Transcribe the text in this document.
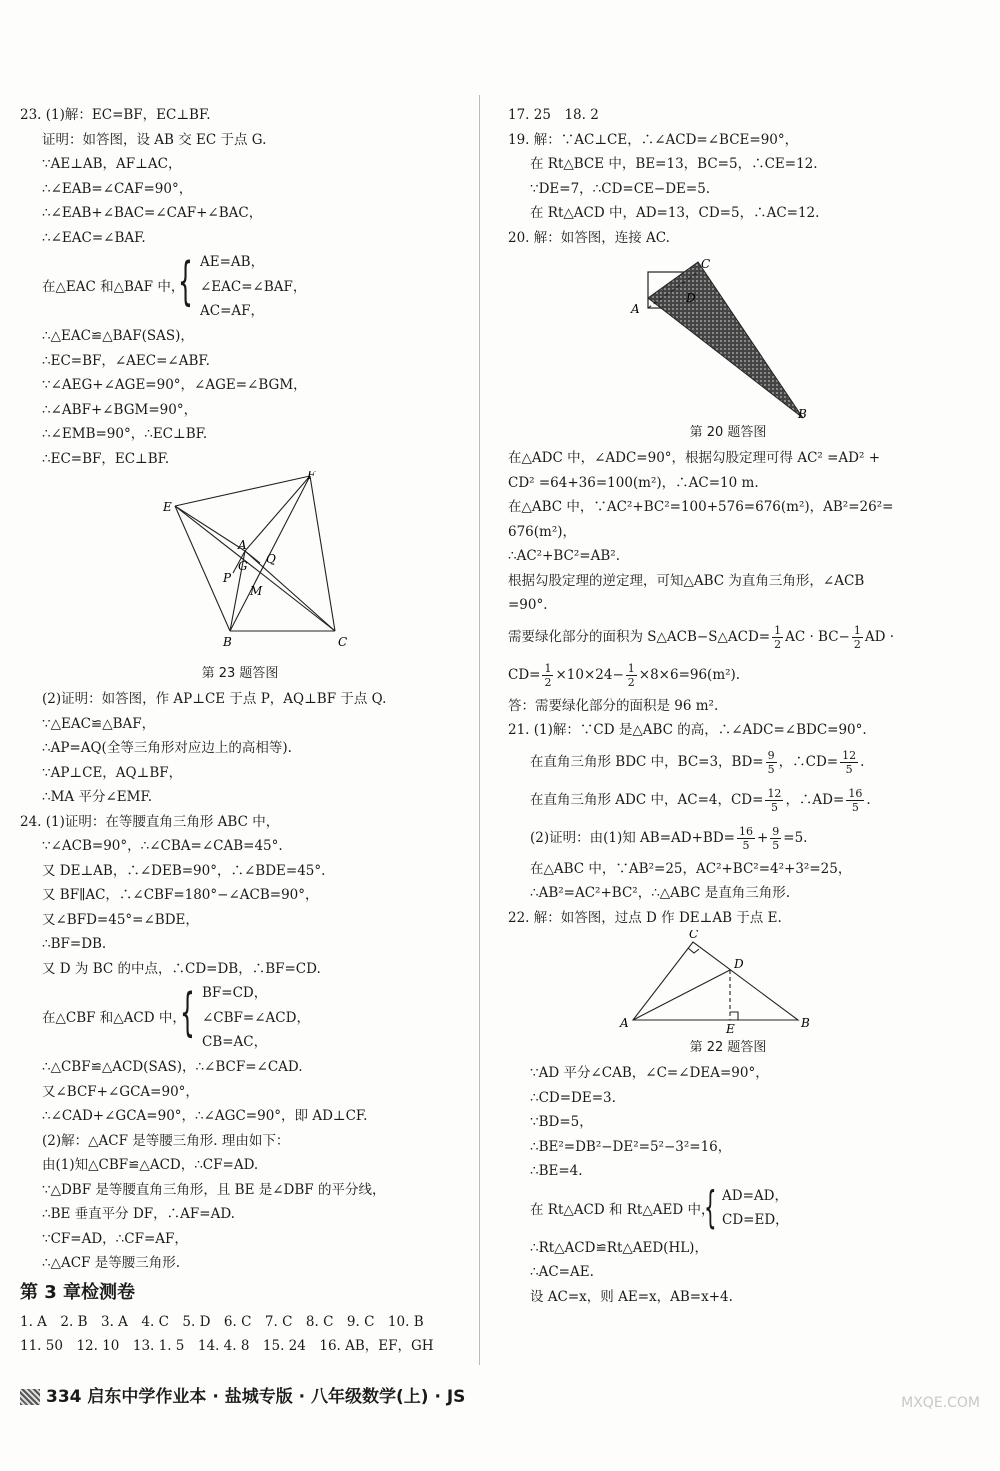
23. (1)解：EC=BF，EC⊥BF.
证明：如答图，设 AB 交 EC 于点 G.
∵AE⊥AB，AF⊥AC，
∴∠EAB=∠CAF=90°，
∴∠EAB+∠BAC=∠CAF+∠BAC，
∴∠EAC=∠BAF.
在△EAC 和△BAF 中，
{ AE=AB，
∠EAC=∠BAF，
AC=AF，
∴△EAC≌△BAF(SAS)，
∴EC=BF，∠AEC=∠ABF.
∵∠AEG+∠AGE=90°，∠AGE=∠BGM，
∴∠ABF+∠BGM=90°，
∴∠EMB=90°，∴EC⊥BF.
∴EC=BF，EC⊥BF.
E
F
A
Q
P
G
M
B	C
第 23 题答图
(2)证明：如答图，作 AP⊥CE 于点 P，AQ⊥BF 于点 Q.
∵△EAC≌△BAF，
∴AP=AQ(全等三角形对应边上的高相等).
∵AP⊥CE，AQ⊥BF，
∴MA 平分∠EMF.
24. (1)证明：在等腰直角三角形 ABC 中，
∵∠ACB=90°，∴∠CBA=∠CAB=45°.
又 DE⊥AB，∴∠DEB=90°，∴∠BDE=45°.
又 BF∥AC，∴∠CBF=180°−∠ACB=90°，
又∠BFD=45°=∠BDE，
∴BF=DB.
又 D 为 BC 的中点，∴CD=DB，∴BF=CD.
在△CBF 和△ACD 中，
{ BF=CD，
∠CBF=∠ACD，
CB=AC，
∴△CBF≌△ACD(SAS)，∴∠BCF=∠CAD.
又∠BCF+∠GCA=90°，
∴∠CAD+∠GCA=90°，∴∠AGC=90°，即 AD⊥CF.
(2)解：△ACF 是等腰三角形. 理由如下：
由(1)知△CBF≌△ACD，∴CF=AD.
∵△DBF 是等腰直角三角形，且 BE 是∠DBF 的平分线，
∴BE 垂直平分 DF，∴AF=AD.
∵CF=AD，∴CF=AF，
∴△ACF 是等腰三角形.
第 3 章检测卷
1. A　2. B　3. A　4. C　5. D　6. C　7. C　8. C　9. C　10. B
11. 50　12. 10　13. 1. 5　14. 4. 8　15. 24　16. AB，EF，GH
17. 25　18. 2
19. 解：∵AC⊥CE，∴∠ACD=∠BCE=90°，
在 Rt△BCE 中，BE=13，BC=5，∴CE=12.
∵DE=7，∴CD=CE−DE=5.
在 Rt△ACD 中，AD=13，CD=5，∴AC=12.
20. 解：如答图，连接 AC.
C
D
A
B
第 20 题答图
在△ADC 中，∠ADC=90°，根据勾股定理可得 AC² =AD² +
CD² =64+36=100(m²)，∴AC=10 m.
在△ABC 中，∵AC²+BC²=100+576=676(m²)，AB²=26²=
676(m²)，
∴AC²+BC²=AB².
根据勾股定理的逆定理，可知△ABC 为直角三角形，∠ACB
=90°.
需要绿化部分的面积为 S△ACB−S△ACD= $\frac{1}{2}$ AC · $BC- \frac{1}{2}$ AD ·
$CD= \frac{1}{2} \times 10\times 24- \frac{1}{2} \times 8\times 6=96(m^2)$.
答：需要绿化部分的面积是 96 m².
21. (1)解：∵CD 是△ABC 的高，∴∠ADC=∠BDC=90°.
在直角三角形 BDC 中，BC=3，$BD= \frac{9}{5}$ ，∴CD= $\frac{12}{5}$ .
在直角三角形 ADC 中，AC=4，$CD= \frac{12}{5}$ ，∴AD= $\frac{16}{5}$ .
(2)证明：由(1)知 $AB=AD+BD= \frac{16}{5} + \frac{9}{5} =5$.
在△ABC 中，∵AB²=25，AC²+BC²=4²+3²=25，
∴AB²=AC²+BC²，∴△ABC 是直角三角形.
22. 解：如答图，过点 D 作 DE⊥AB 于点 E.
C
D
A	E	B
第 22 题答图
∵AD 平分∠CAB，∠C=∠DEA=90°，
∴CD=DE=3.
∵BD=5，
∴BE²=DB²−DE²=5²−3²=16，
∴BE=4.
在 Rt△ACD 和 Rt△AED 中，
{ AD=AD，
CD=ED，
∴Rt△ACD≌Rt△AED(HL)，
∴AC=AE.
设 AC=x，则 AE=x，AB=x+4.
334 启东中学作业本 · 盐城专版 · 八年级数学(上) · JS	MXQE.COM
